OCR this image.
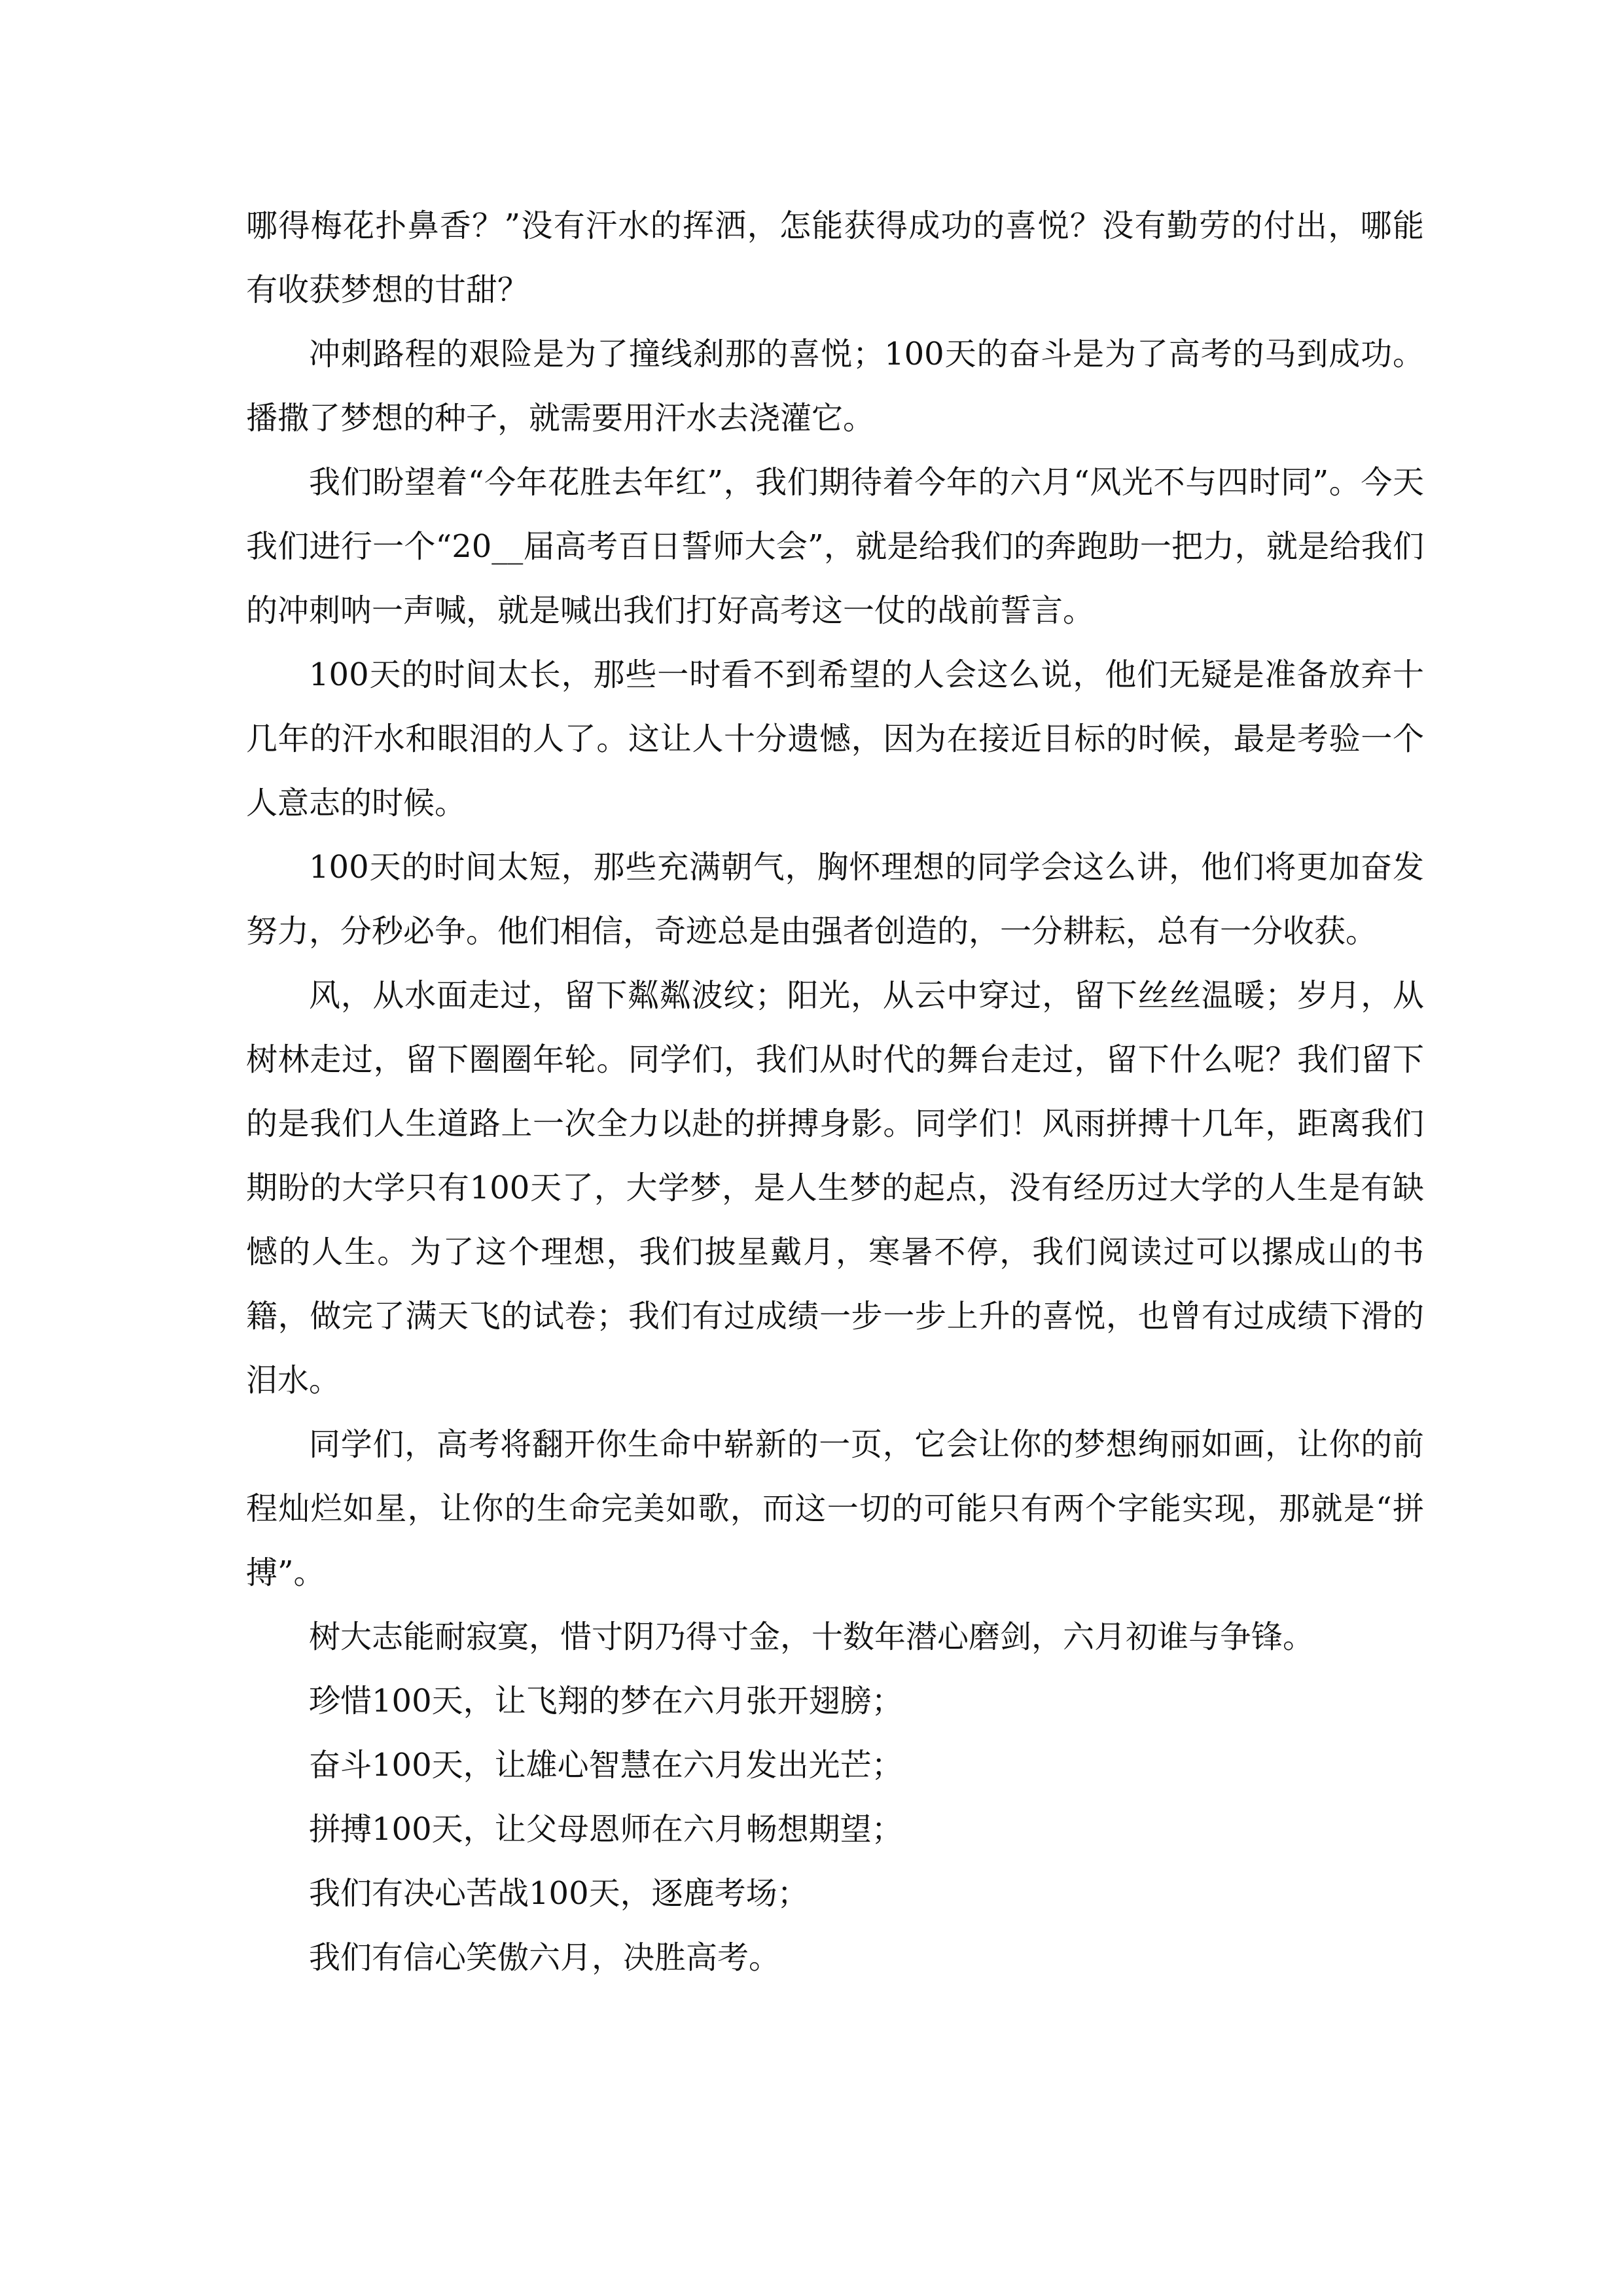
哪得梅花扑鼻香？”没有汗水的挥洒，怎能获得成功的喜悦？没有勤劳的付出，哪能有收获梦想的甘甜？

冲刺路程的艰险是为了撞线刹那的喜悦；100天的奋斗是为了高考的马到成功。播撒了梦想的种子，就需要用汗水去浇灌它。

我们盼望着“今年花胜去年红”，我们期待着今年的六月“风光不与四时同”。今天我们进行一个“20__届高考百日誓师大会”，就是给我们的奔跑助一把力，就是给我们的冲刺呐一声喊，就是喊出我们打好高考这一仗的战前誓言。

100天的时间太长，那些一时看不到希望的人会这么说，他们无疑是准备放弃十几年的汗水和眼泪的人了。这让人十分遗憾，因为在接近目标的时候，最是考验一个人意志的时候。

100天的时间太短，那些充满朝气，胸怀理想的同学会这么讲，他们将更加奋发努力，分秒必争。他们相信，奇迹总是由强者创造的，一分耕耘，总有一分收获。

风，从水面走过，留下粼粼波纹；阳光，从云中穿过，留下丝丝温暖；岁月，从树林走过，留下圈圈年轮。同学们，我们从时代的舞台走过，留下什么呢？我们留下的是我们人生道路上一次全力以赴的拼搏身影。同学们！风雨拼搏十几年，距离我们期盼的大学只有100天了，大学梦，是人生梦的起点，没有经历过大学的人生是有缺憾的人生。为了这个理想，我们披星戴月，寒暑不停，我们阅读过可以摞成山的书籍，做完了满天飞的试卷；我们有过成绩一步一步上升的喜悦，也曾有过成绩下滑的泪水。

同学们，高考将翻开你生命中崭新的一页，它会让你的梦想绚丽如画，让你的前程灿烂如星，让你的生命完美如歌，而这一切的可能只有两个字能实现，那就是“拼搏”。

树大志能耐寂寞，惜寸阴乃得寸金，十数年潜心磨剑，六月初谁与争锋。

珍惜100天，让飞翔的梦在六月张开翅膀；

奋斗100天，让雄心智慧在六月发出光芒；

拼搏100天，让父母恩师在六月畅想期望；

我们有决心苦战100天，逐鹿考场；

我们有信心笑傲六月，决胜高考。
